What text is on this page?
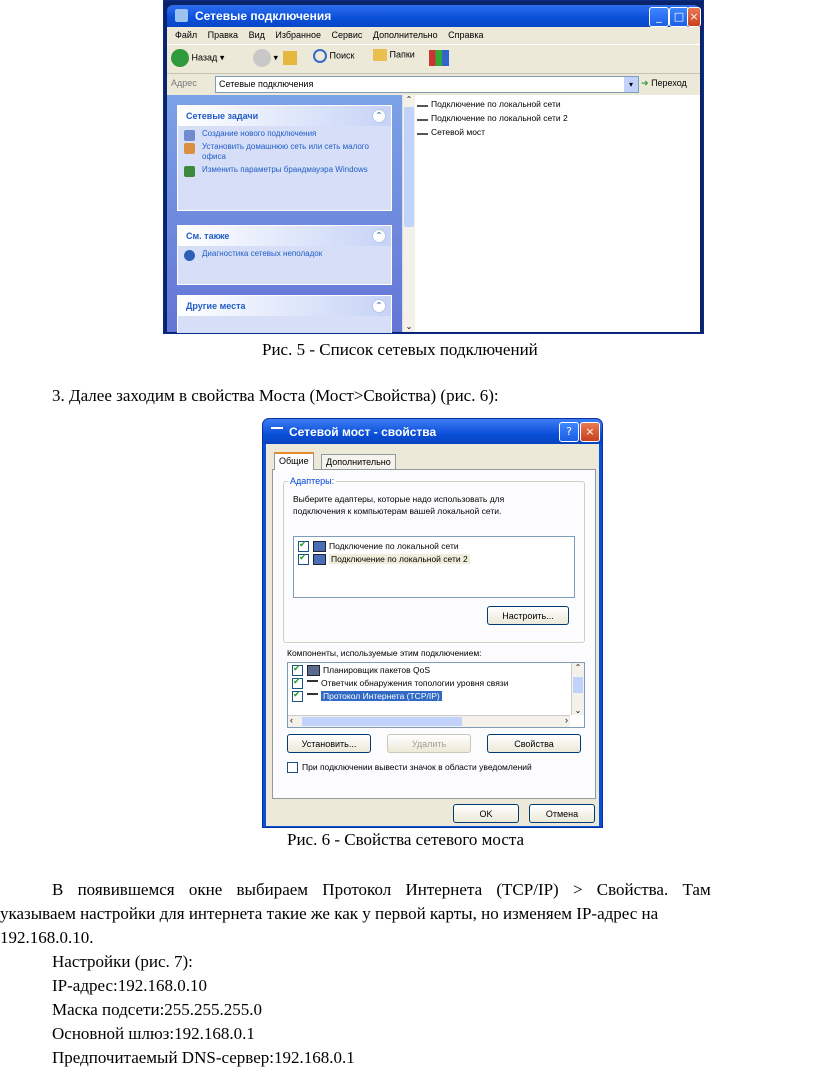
Сетевые подключения	_	□ ×
Файл Правка Вид Избранное Сервис Дополнительно Справка
Назад ▾	▾	Поиск	Папки
Адрес Сетевые подключения	▾ ➜ Переход
Сетевые задачи	⌃
Создание нового подключения
Установить домашнюю сеть или сеть малого офиса
Изменить параметры брандмауэра Windows
См. также	⌃
Диагностика сетевых неполадок
Другие места	⌃
⌃
⌄
Подключение по локальной сети
Подключение по локальной сети 2
Сетевой мост
Рис. 5 - Список сетевых подключений
3. Далее заходим в свойства Моста (Мост>Свойства) (рис. 6):
Сетевой мост - свойства	?	×
Общие	Дополнительно
Адаптеры:
Выберите адаптеры, которые надо использовать для
подключения к компьютерам вашей локальной сети.
✔Подключение по локальной сети
✔Подключение по локальной сети 2
Настроить...
Компоненты, используемые этим подключением:
✔Планировщик пакетов QoS
✔Ответчик обнаружения топологии уровня связи
✔Протокол Интернета (TCP/IP)
⌃
⌄
‹	›
Установить...	Удалить	Свойства
При подключении вывести значок в области уведомлений
OK	Отмена
Рис. 6 - Свойства сетевого моста
В появившемся окне выбираем Протокол Интернета (TCP/IP) > Свойства. Там
указываем настройки для интернета такие же как у первой карты, но изменяем IP-адрес на
192.168.0.10.
Настройки (рис. 7):
IP-адрес:192.168.0.10
Маска подсети:255.255.255.0
Основной шлюз:192.168.0.1
Предпочитаемый DNS-сервер:192.168.0.1
